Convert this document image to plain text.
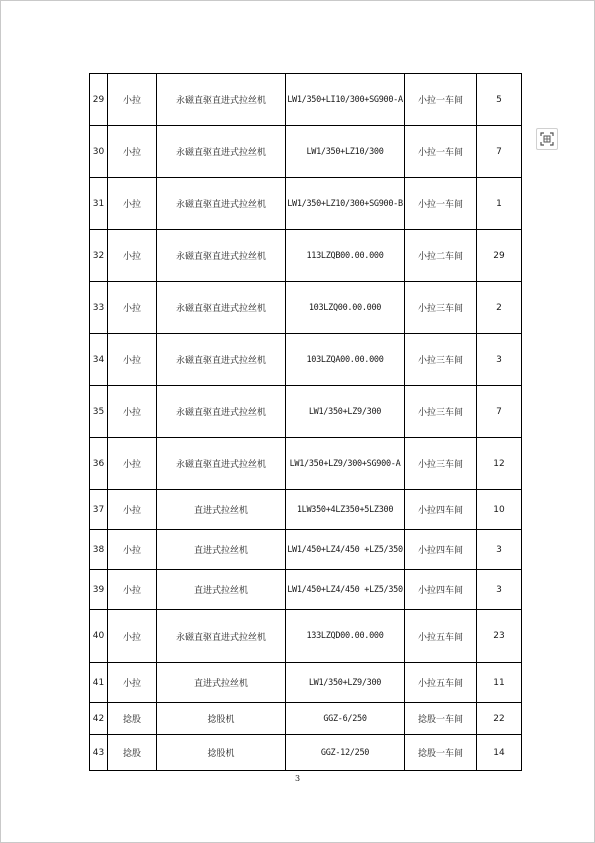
29	小拉	永磁直驱直进式拉丝机	LW1/350+LI10/300+SG900-A	小拉一车间	5
30	小拉	永磁直驱直进式拉丝机	LW1/350+LZ10/300	小拉一车间	7
31	小拉	永磁直驱直进式拉丝机	LW1/350+LZ10/300+SG900-B	小拉一车间	1
32	小拉	永磁直驱直进式拉丝机	113LZQB00.00.000	小拉二车间	29
33	小拉	永磁直驱直进式拉丝机	103LZQ00.00.000	小拉三车间	2
34	小拉	永磁直驱直进式拉丝机	103LZQA00.00.000	小拉三车间	3
35	小拉	永磁直驱直进式拉丝机	LW1/350+LZ9/300	小拉三车间	7
36	小拉	永磁直驱直进式拉丝机	LW1/350+LZ9/300+SG900-A	小拉三车间	12
37	小拉	直进式拉丝机	1LW350+4LZ350+5LZ300	小拉四车间	10
38	小拉	直进式拉丝机	LW1/450+LZ4/450 +LZ5/350	小拉四车间	3
39	小拉	直进式拉丝机	LW1/450+LZ4/450 +LZ5/350	小拉四车间	3
40	小拉	永磁直驱直进式拉丝机	133LZQD00.00.000	小拉五车间	23
41	小拉	直进式拉丝机	LW1/350+LZ9/300	小拉五车间	11
42	捻股	捻股机	GGZ-6/250	捻股一车间	22
43	捻股	捻股机	GGZ-12/250	捻股一车间	14
3
